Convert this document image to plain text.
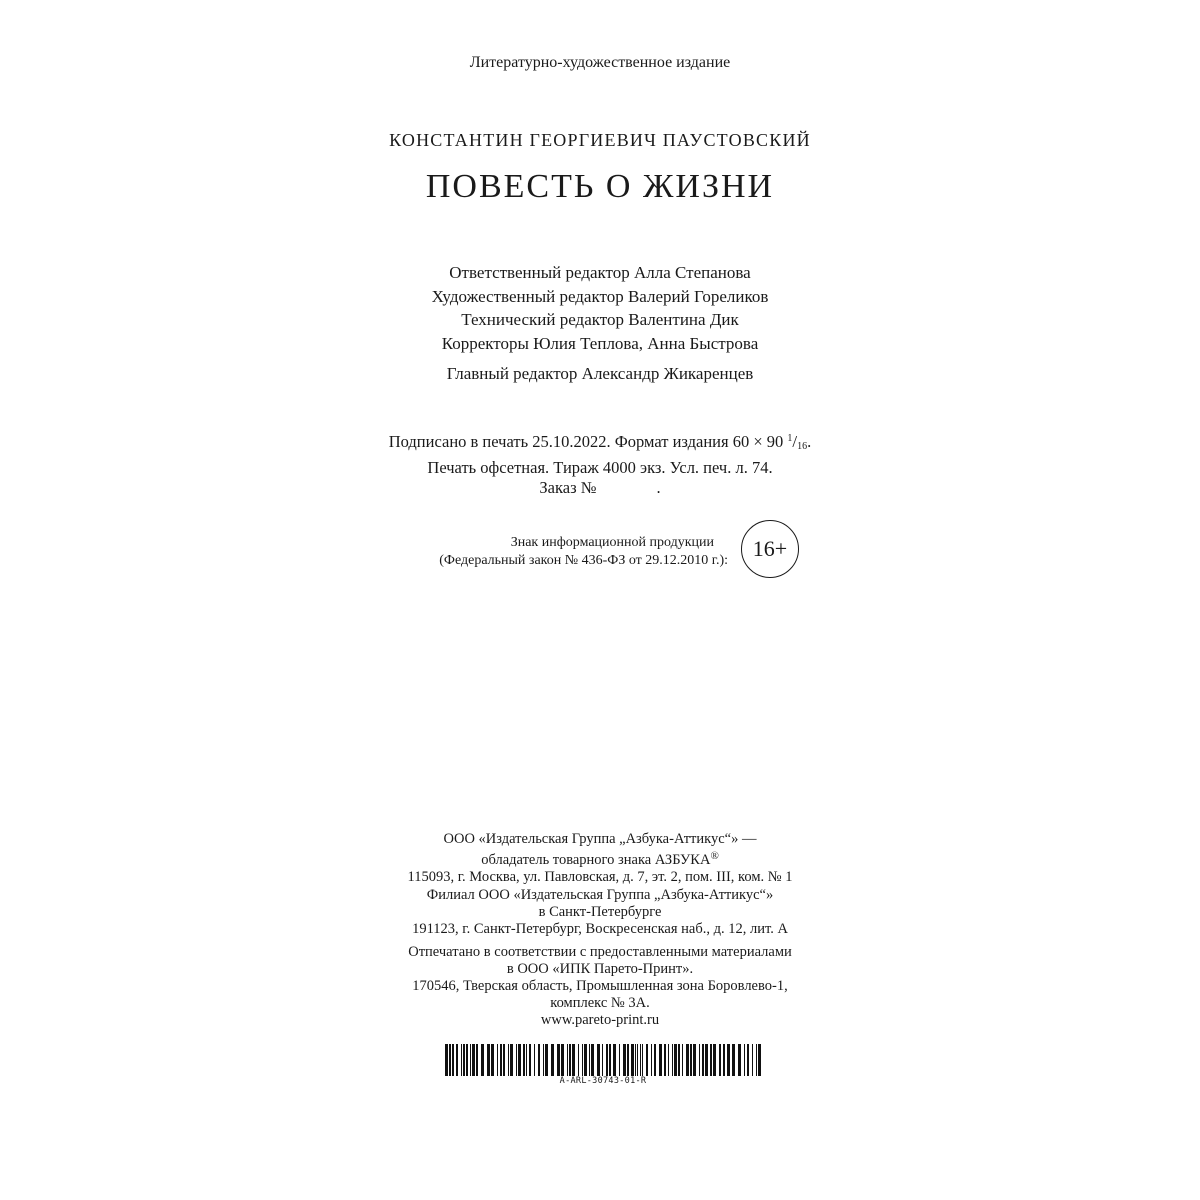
Литературно-художественное издание
КОНСТАНТИН ГЕОРГИЕВИЧ ПАУСТОВСКИЙ
ПОВЕСТЬ О ЖИЗНИ
Ответственный редактор Алла Степанова
Художественный редактор Валерий Гореликов
Технический редактор Валентина Дик
Корректоры Юлия Теплова, Анна Быстрова
Главный редактор Александр Жикаренцев
Подписано в печать 25.10.2022. Формат издания 60 × 90 $^1/_{16}$.
Печать офсетная. Тираж 4000 экз. Усл. печ. л. 74.
Заказ №	.
Знак информационной продукции
(Федеральный закон № 436-ФЗ от 29.12.2010 г.):	16+
ООО «Издательская Группа „Азбука-Аттикус“» —
обладатель товарного знака АЗБУКА®
115093, г. Москва, ул. Павловская, д. 7, эт. 2, пом. III, ком. № 1
Филиал ООО «Издательская Группа „Азбука-Аттикус“»
в Санкт-Петербурге
191123, г. Санкт-Петербург, Воскресенская наб., д. 12, лит. А
Отпечатано в соответствии с предоставленными материалами
в ООО «ИПК Парето-Принт».
170546, Тверская область, Промышленная зона Боровлево-1,
комплекс № 3А.
www.pareto-print.ru
A-ARL-30743-01-R
